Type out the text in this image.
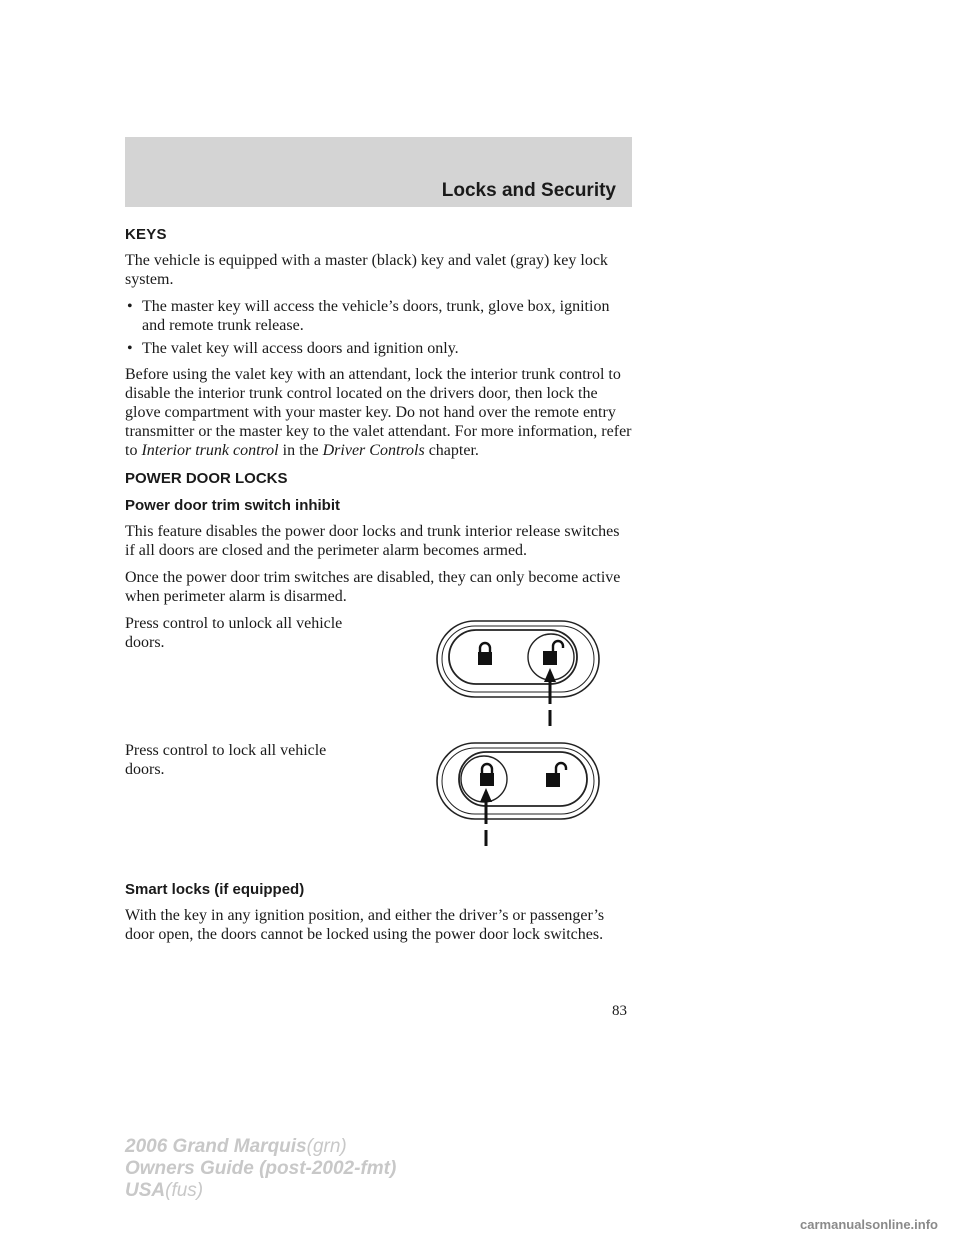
Locks and Security
KEYS

The vehicle is equipped with a master (black) key and valet (gray) key lock system.

• The master key will access the vehicle’s doors, trunk, glove box, ignition and remote trunk release.
• The valet key will access doors and ignition only.

Before using the valet key with an attendant, lock the interior trunk control to disable the interior trunk control located on the drivers door, then lock the glove compartment with your master key. Do not hand over the remote entry transmitter or the master key to the valet attendant. For more information, refer to Interior trunk control in the Driver Controls chapter.

POWER DOOR LOCKS
Power door trim switch inhibit

This feature disables the power door locks and trunk interior release switches if all doors are closed and the perimeter alarm becomes armed.

Once the power door trim switches are disabled, they can only become active when perimeter alarm is disarmed.

Press control to unlock all vehicle doors.

Press control to lock all vehicle doors.

Smart locks (if equipped)

With the key in any ignition position, and either the driver’s or passenger’s door open, the doors cannot be locked using the power door lock switches.

83

2006 Grand Marquis(grn)
Owners Guide (post-2002-fmt)
USA(fus)

carmanualsonline.info
